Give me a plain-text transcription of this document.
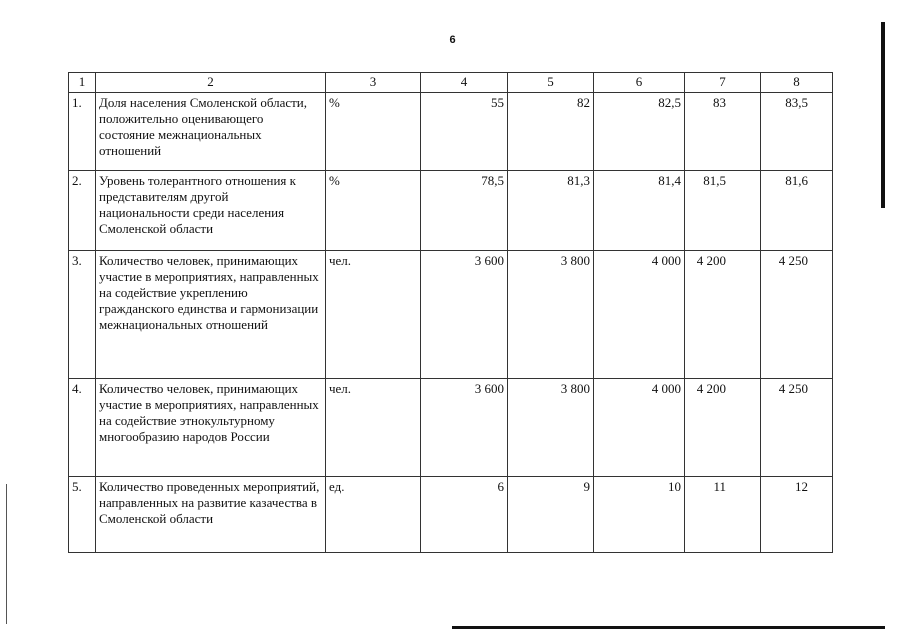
6
1	2	3	4	5	6	7	8
1.	Доля населения Смоленской области, положительно оценивающего состояние межнациональных отношений	%	55	82	82,5	83	83,5
2.	Уровень толерантного отношения к представителям другой национальности среди населения Смоленской области	%	78,5	81,3	81,4	81,5	81,6
3.	Количество человек, принимающих участие в мероприятиях, направленных на содействие укреплению гражданского единства и гармонизации межнациональных отношений	чел.	3 600	3 800	4 000	4 200	4 250
4.	Количество человек, принимающих участие в мероприятиях, направленных на содействие этнокультурному многообразию народов России	чел.	3 600	3 800	4 000	4 200	4 250
5.	Количество проведенных мероприятий, направленных на развитие казачества в Смоленской области	ед.	6	9	10	11	12
